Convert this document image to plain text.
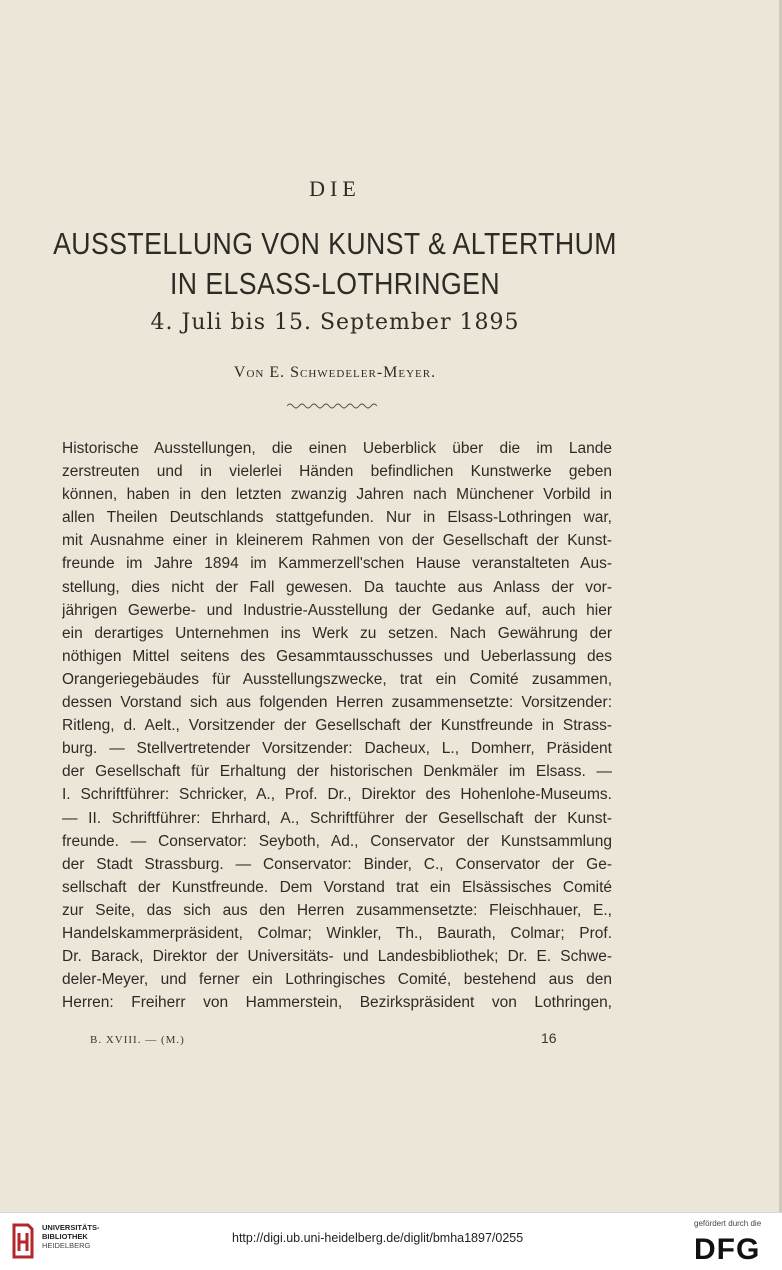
DIE
AUSSTELLUNG VON KUNST & ALTERTHUM
IN ELSASS-LOTHRINGEN
4. Juli bis 15. September 1895
Von E. Schwedeler-Meyer.
Historische Ausstellungen, die einen Ueberblick über die im Lande
zerstreuten und in vielerlei Händen befindlichen Kunstwerke geben
können, haben in den letzten zwanzig Jahren nach Münchener Vorbild in
allen Theilen Deutschlands stattgefunden. Nur in Elsass-Lothringen war,
mit Ausnahme einer in kleinerem Rahmen von der Gesellschaft der Kunst-
freunde im Jahre 1894 im Kammerzell'schen Hause veranstalteten Aus-
stellung, dies nicht der Fall gewesen. Da tauchte aus Anlass der vor-
jährigen Gewerbe- und Industrie-Ausstellung der Gedanke auf, auch hier
ein derartiges Unternehmen ins Werk zu setzen. Nach Gewährung der
nöthigen Mittel seitens des Gesammtausschusses und Ueberlassung des
Orangeriegebäudes für Ausstellungszwecke, trat ein Comité zusammen,
dessen Vorstand sich aus folgenden Herren zusammensetzte: Vorsitzender:
Ritleng, d. Aelt., Vorsitzender der Gesellschaft der Kunstfreunde in Strass-
burg. — Stellvertretender Vorsitzender: Dacheux, L., Domherr, Präsident
der Gesellschaft für Erhaltung der historischen Denkmäler im Elsass. —
I. Schriftführer: Schricker, A., Prof. Dr., Direktor des Hohenlohe-Museums.
— II. Schriftführer: Ehrhard, A., Schriftführer der Gesellschaft der Kunst-
freunde. — Conservator: Seyboth, Ad., Conservator der Kunstsammlung
der Stadt Strassburg. — Conservator: Binder, C., Conservator der Ge-
sellschaft der Kunstfreunde. Dem Vorstand trat ein Elsässisches Comité
zur Seite, das sich aus den Herren zusammensetzte: Fleischhauer, E.,
Handelskammerpräsident, Colmar; Winkler, Th., Baurath, Colmar; Prof.
Dr. Barack, Direktor der Universitäts- und Landesbibliothek; Dr. E. Schwe-
deler-Meyer, und ferner ein Lothringisches Comité, bestehend aus den
Herren: Freiherr von Hammerstein, Bezirkspräsident von Lothringen,
B. XVIII. — (M.)	16
UNIVERSITÄTS-
BIBLIOTHEK
HEIDELBERG
http://digi.ub.uni-heidelberg.de/diglit/bmha1897/0255
gefördert durch die
DFG
